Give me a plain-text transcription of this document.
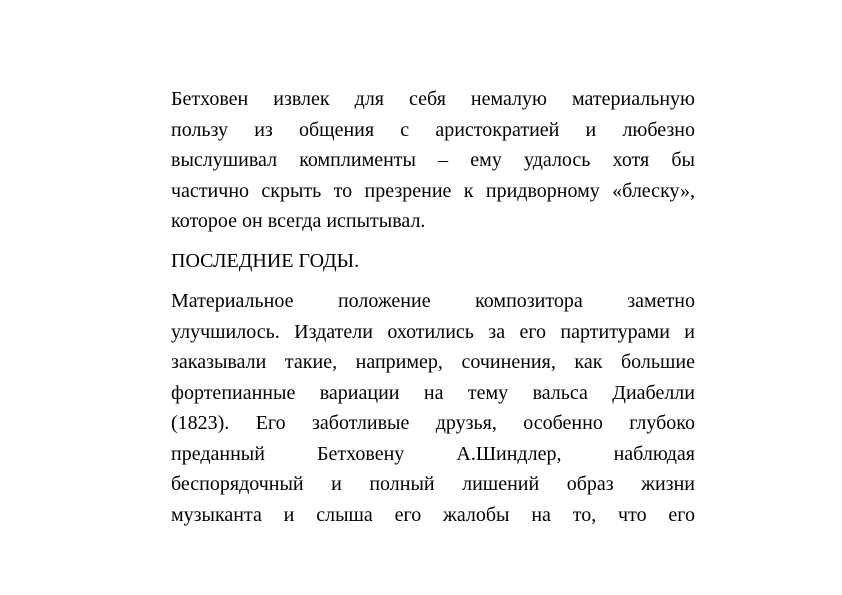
Бетховен извлек для себя немалую материальную
пользу из общения с аристократией и любезно
выслушивал комплименты – ему удалось хотя бы
частично скрыть то презрение к придворному «блеску»,
которое он всегда испытывал.
ПОСЛЕДНИЕ ГОДЫ.
Материальное положение композитора заметно
улучшилось. Издатели охотились за его партитурами и
заказывали такие, например, сочинения, как большие
фортепианные вариации на тему вальса Диабелли
(1823). Его заботливые друзья, особенно глубоко
преданный Бетховену А.Шиндлер, наблюдая
беспорядочный и полный лишений образ жизни
музыканта и слыша его жалобы на то, что его
